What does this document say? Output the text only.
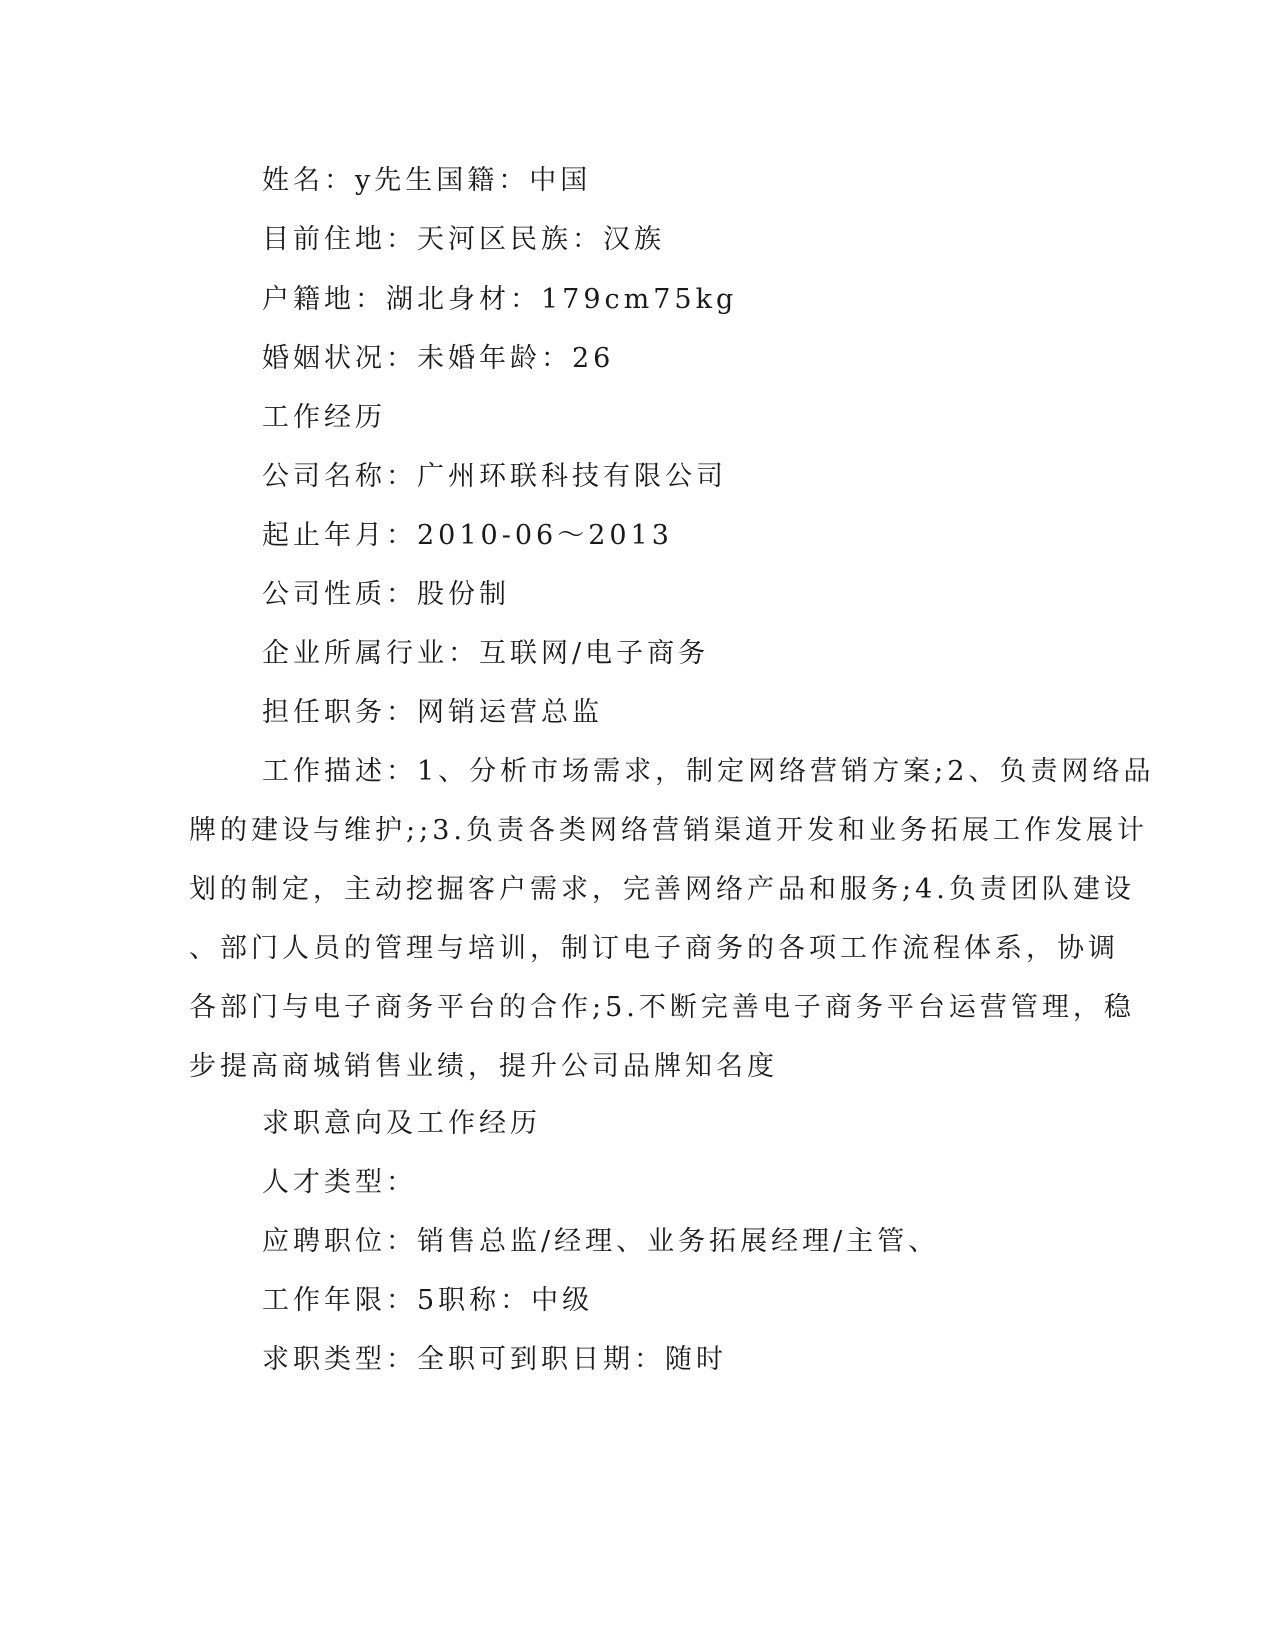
姓名：y先生国籍：中国
目前住地：天河区民族：汉族
户籍地：湖北身材：179cm75kg
婚姻状况：未婚年龄：26
工作经历
公司名称：广州环联科技有限公司
起止年月：2010-06～2013
公司性质：股份制
企业所属行业：互联网/电子商务
担任职务：网销运营总监
工作描述：1、分析市场需求，制定网络营销方案;2、负责网络品
牌的建设与维护;;3.负责各类网络营销渠道开发和业务拓展工作发展计
划的制定，主动挖掘客户需求，完善网络产品和服务;4.负责团队建设
、部门人员的管理与培训，制订电子商务的各项工作流程体系，协调
各部门与电子商务平台的合作;5.不断完善电子商务平台运营管理，稳
步提高商城销售业绩，提升公司品牌知名度
求职意向及工作经历
人才类型：
应聘职位：销售总监/经理、业务拓展经理/主管、
工作年限：5职称：中级
求职类型：全职可到职日期：随时
